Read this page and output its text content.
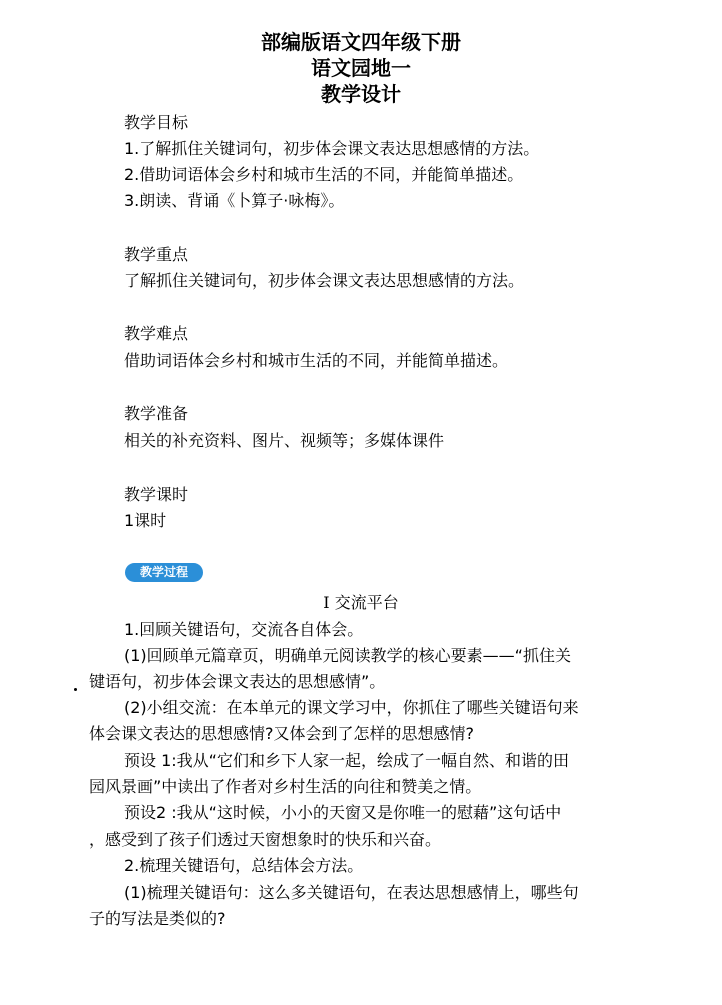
部编版语文四年级下册
语文园地一
教学设计
教学目标
1.了解抓住关键词句，初步体会课文表达思想感情的方法。
2.借助词语体会乡村和城市生活的不同，并能简单描述。
3.朗读、背诵《卜算子·咏梅》。
教学重点
了解抓住关键词句，初步体会课文表达思想感情的方法。
教学难点
借助词语体会乡村和城市生活的不同，并能简单描述。
教学准备
相关的补充资料、图片、视频等；多媒体课件
教学课时
1课时
教学过程
Ⅰ 交流平台
1.回顾关键语句，交流各自体会。
(1)回顾单元篇章页，明确单元阅读教学的核心要素——“抓住关
键语句，初步体会课文表达的思想感情”。
(2)小组交流：在本单元的课文学习中，你抓住了哪些关键语句来
体会课文表达的思想感情?又体会到了怎样的思想感情?
预设 1:我从“它们和乡下人家一起，绘成了一幅自然、和谐的田
园风景画”中读出了作者对乡村生活的向往和赞美之情。
预设2 :我从“这时候，小小的天窗又是你唯一的慰藉”这句话中
，感受到了孩子们透过天窗想象时的快乐和兴奋。
2.梳理关键语句，总结体会方法。
(1)梳理关键语句：这么多关键语句，在表达思想感情上，哪些句
子的写法是类似的?
